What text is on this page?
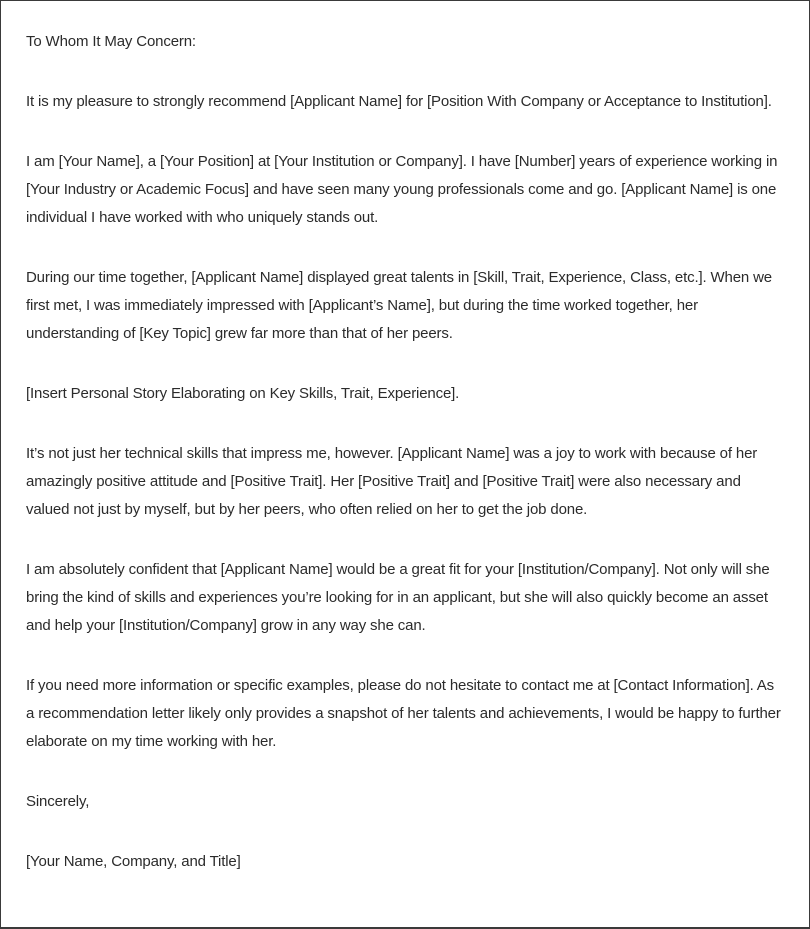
To Whom It May Concern:

It is my pleasure to strongly recommend [Applicant Name] for [Position With Company or Acceptance to Institution].

I am [Your Name], a [Your Position] at [Your Institution or Company]. I have [Number] years of experience working in [Your Industry or Academic Focus] and have seen many young professionals come and go. [Applicant Name] is one individual I have worked with who uniquely stands out.

During our time together, [Applicant Name] displayed great talents in [Skill, Trait, Experience, Class, etc.]. When we first met, I was immediately impressed with [Applicant’s Name], but during the time worked together, her understanding of [Key Topic] grew far more than that of her peers.

[Insert Personal Story Elaborating on Key Skills, Trait, Experience].

It’s not just her technical skills that impress me, however. [Applicant Name] was a joy to work with because of her amazingly positive attitude and [Positive Trait]. Her [Positive Trait] and [Positive Trait] were also necessary and valued not just by myself, but by her peers, who often relied on her to get the job done.

I am absolutely confident that [Applicant Name] would be a great fit for your [Institution/Company]. Not only will she bring the kind of skills and experiences you’re looking for in an applicant, but she will also quickly become an asset and help your [Institution/Company] grow in any way she can.

If you need more information or specific examples, please do not hesitate to contact me at [Contact Information]. As a recommendation letter likely only provides a snapshot of her talents and achievements, I would be happy to further elaborate on my time working with her.

Sincerely,

[Your Name, Company, and Title]
